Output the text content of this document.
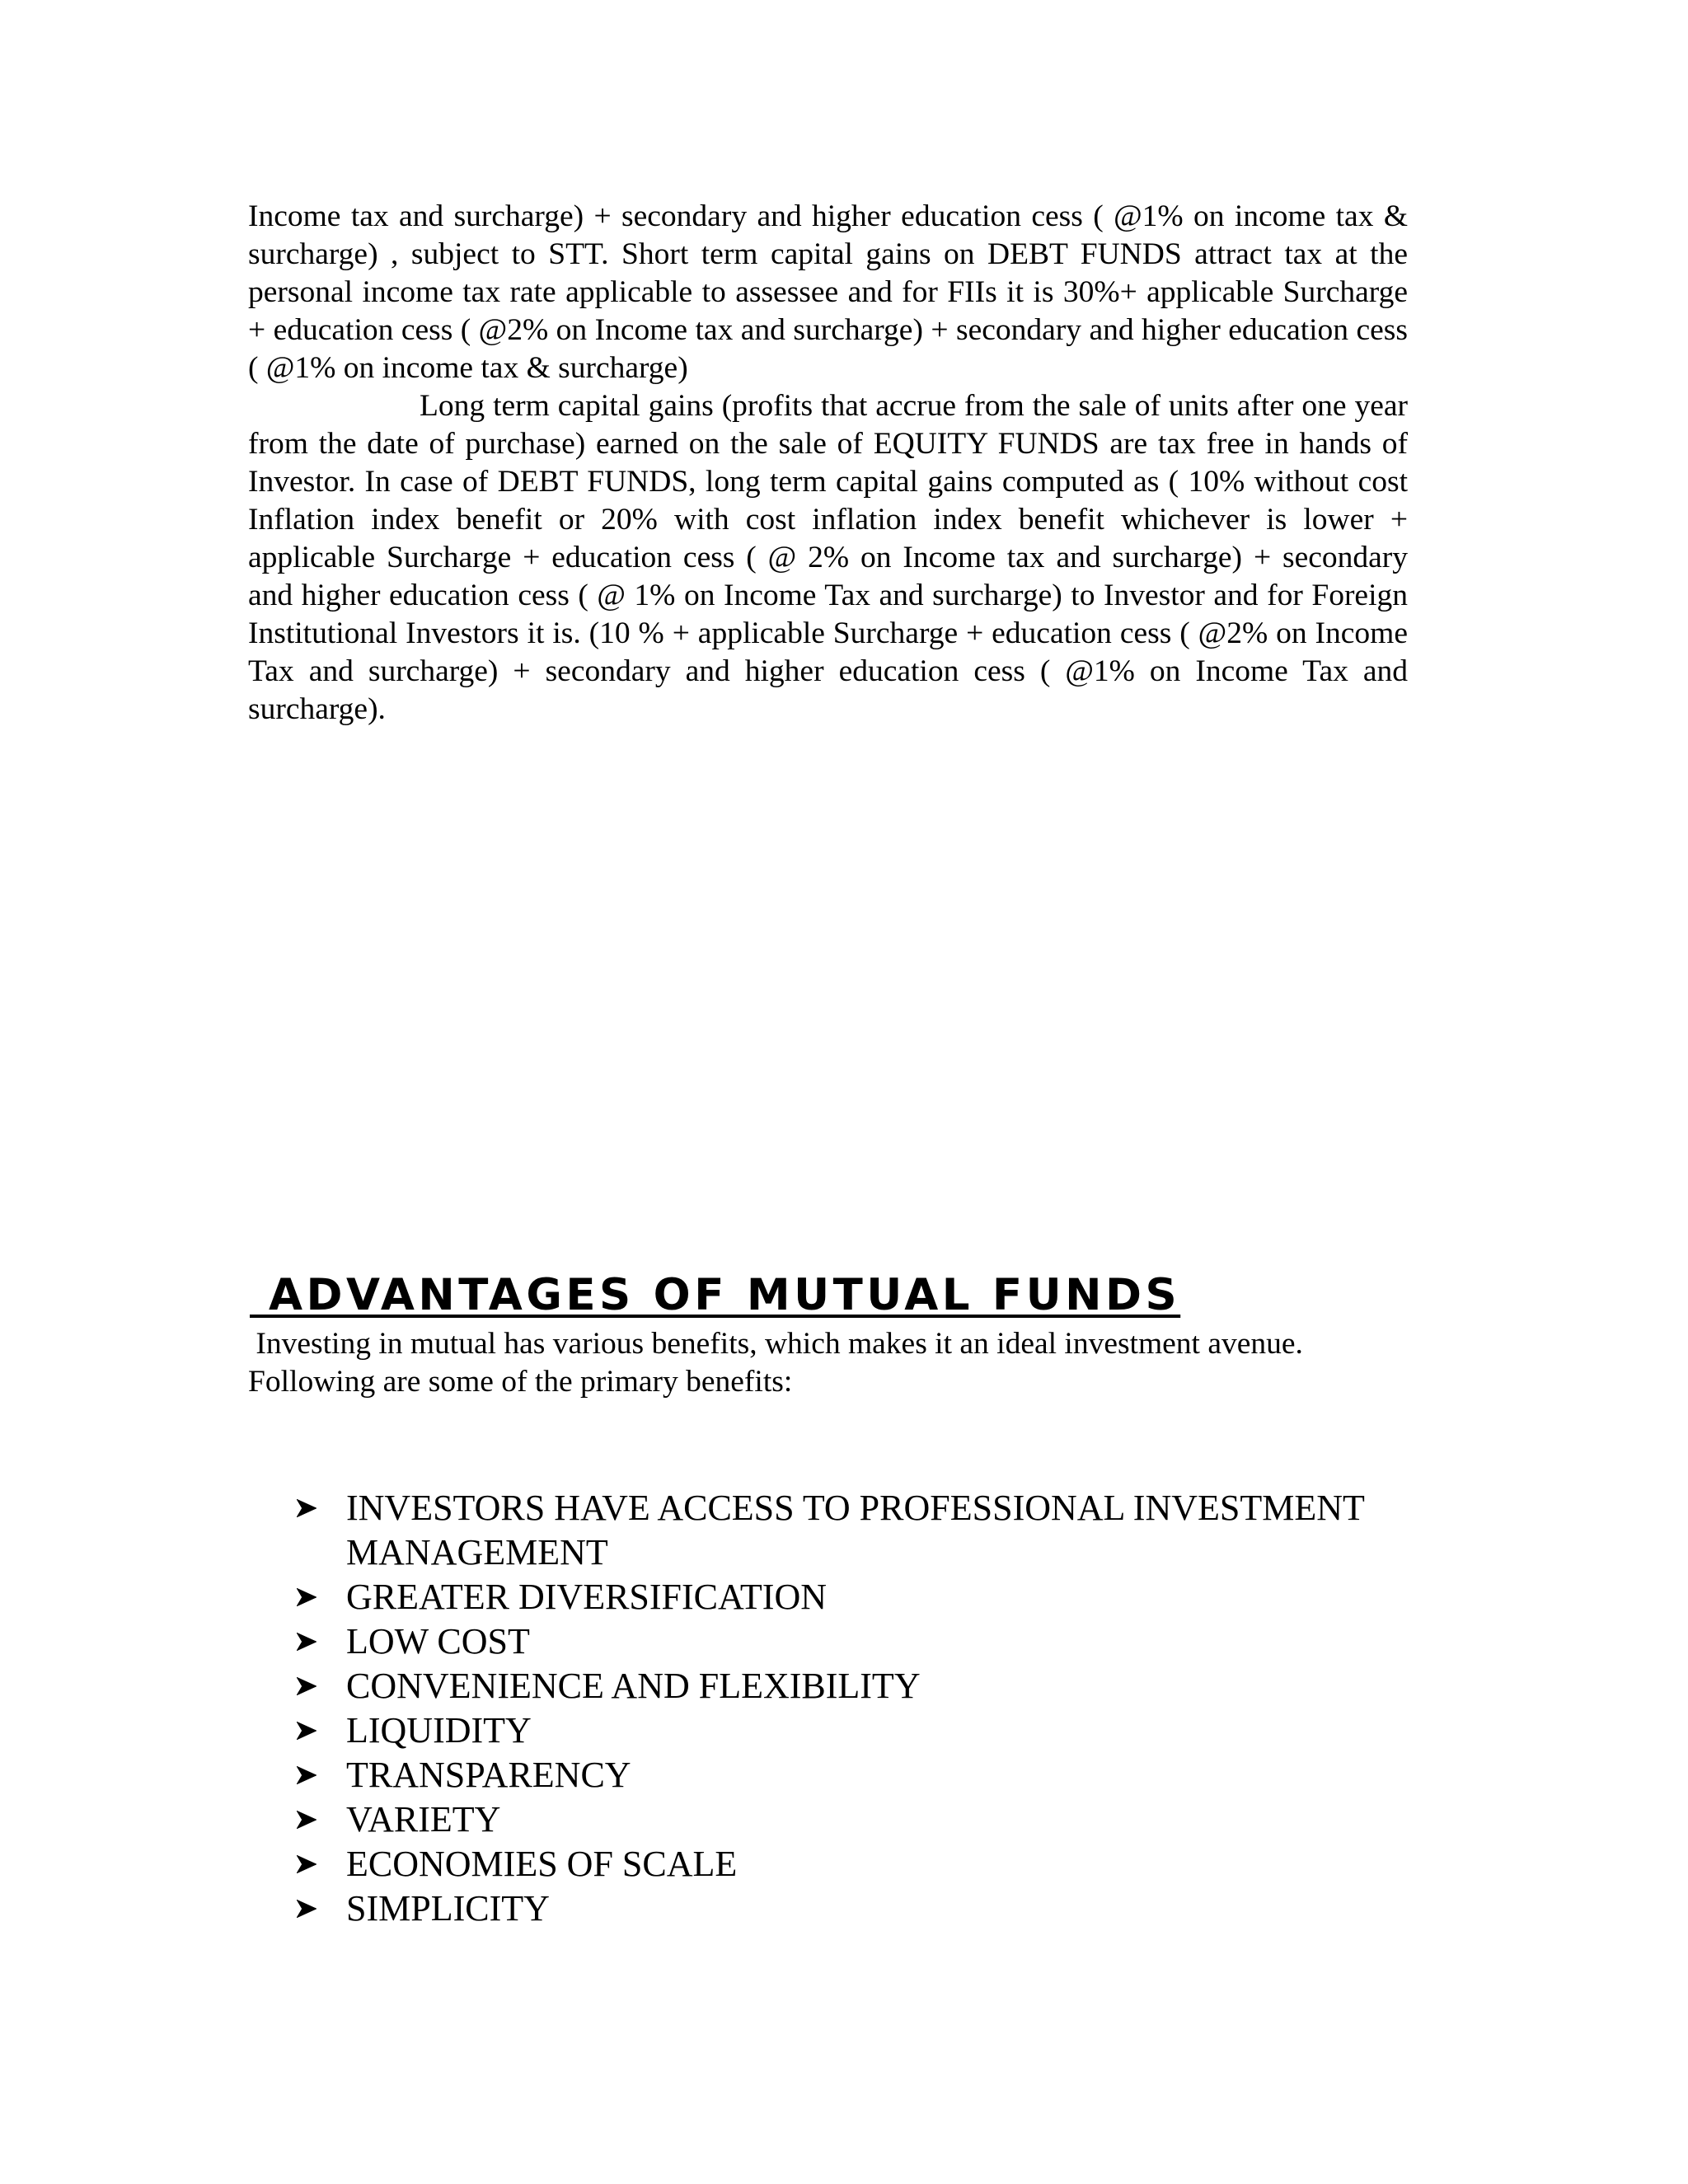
Income tax and surcharge) + secondary and higher education cess ( @1% on income tax & surcharge) , subject to STT. Short term capital gains on DEBT FUNDS attract tax at the personal income tax rate applicable to assessee and for FIIs it is 30%+ applicable Surcharge + education cess ( @2% on Income tax and surcharge) + secondary and higher education cess ( @1% on income tax & surcharge)

Long term capital gains (profits that accrue from the sale of units after one year from the date of purchase) earned on the sale of EQUITY FUNDS are tax free in hands of Investor. In case of DEBT FUNDS, long term capital gains computed as ( 10% without cost Inflation index benefit or 20% with cost inflation index benefit whichever is lower + applicable Surcharge + education cess ( @ 2% on Income tax and surcharge) + secondary and higher education cess ( @ 1% on Income Tax and surcharge) to Investor and for Foreign Institutional Investors it is. (10 % + applicable Surcharge + education cess ( @2% on Income Tax and surcharge) + secondary and higher education cess ( @1% on Income Tax and surcharge).

ADVANTAGES OF MUTUAL FUNDS

Investing in mutual has various benefits, which makes it an ideal investment avenue.
Following are some of the primary benefits:

INVESTORS HAVE ACCESS TO PROFESSIONAL INVESTMENT MANAGEMENT
GREATER DIVERSIFICATION
LOW COST
CONVENIENCE AND FLEXIBILITY
LIQUIDITY
TRANSPARENCY
VARIETY
ECONOMIES OF SCALE
SIMPLICITY
